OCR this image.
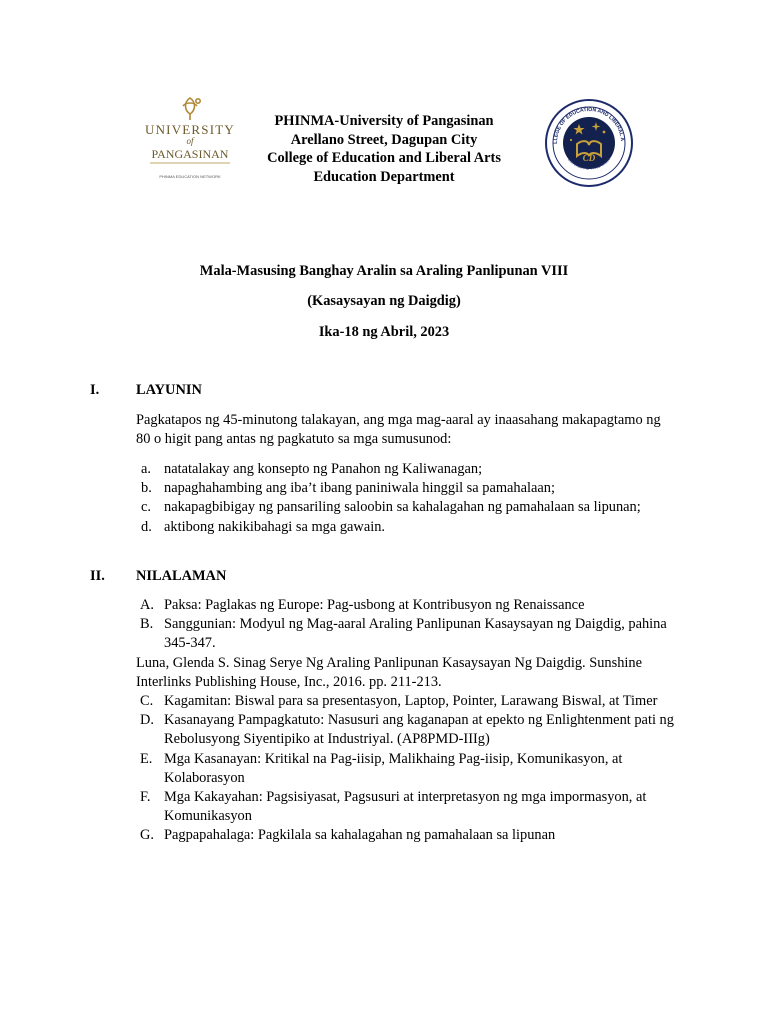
UNIVERSITY
of
PANGASINAN
PHINMA EDUCATION NETWORK
PHINMA-University of Pangasinan
Arellano Street, Dagupan City
College of Education and Liberal Arts
Education Department
LLEGE OF EDUCATION AND LIBERAL A
CD
UNIVERSITY OF PANGASINAN
Mala-Masusing Banghay Aralin sa Araling Panlipunan VIII
(Kasaysayan ng Daigdig)
Ika-18 ng Abril, 2023
I.	LAYUNIN
Pagkatapos ng 45-minutong talakayan, ang mga mag-aaral ay inaasahang makapagtamo ng 80 o higit pang antas ng pagkatuto sa mga sumusunod:
a. natatalakay ang konsepto ng Panahon ng Kaliwanagan;
b. napaghahambing ang iba’t ibang paniniwala hinggil sa pamahalaan;
c. nakapagbibigay ng pansariling saloobin sa kahalagahan ng pamahalaan sa lipunan;
d. aktibong nakikibahagi sa mga gawain.
II. NILALAMAN
A. Paksa: Paglakas ng Europe: Pag-usbong at Kontribusyon ng Renaissance
B. Sanggunian: Modyul ng Mag-aaral Araling Panlipunan Kasaysayan ng Daigdig, pahina 345-347.
Luna, Glenda S. Sinag Serye Ng Araling Panlipunan Kasaysayan Ng Daigdig. Sunshine Interlinks Publishing House, Inc., 2016. pp. 211-213.
C. Kagamitan: Biswal para sa presentasyon, Laptop, Pointer, Larawang Biswal, at Timer
D. Kasanayang Pampagkatuto: Nasusuri ang kaganapan at epekto ng Enlightenment pati ng Rebolusyong Siyentipiko at Industriyal. (AP8PMD-IIIg)
E. Mga Kasanayan: Kritikal na Pag-iisip, Malikhaing Pag-iisip, Komunikasyon, at Kolaborasyon
F. Mga Kakayahan: Pagsisiyasat, Pagsusuri at interpretasyon ng mga impormasyon, at Komunikasyon
G. Pagpapahalaga: Pagkilala sa kahalagahan ng pamahalaan sa lipunan
